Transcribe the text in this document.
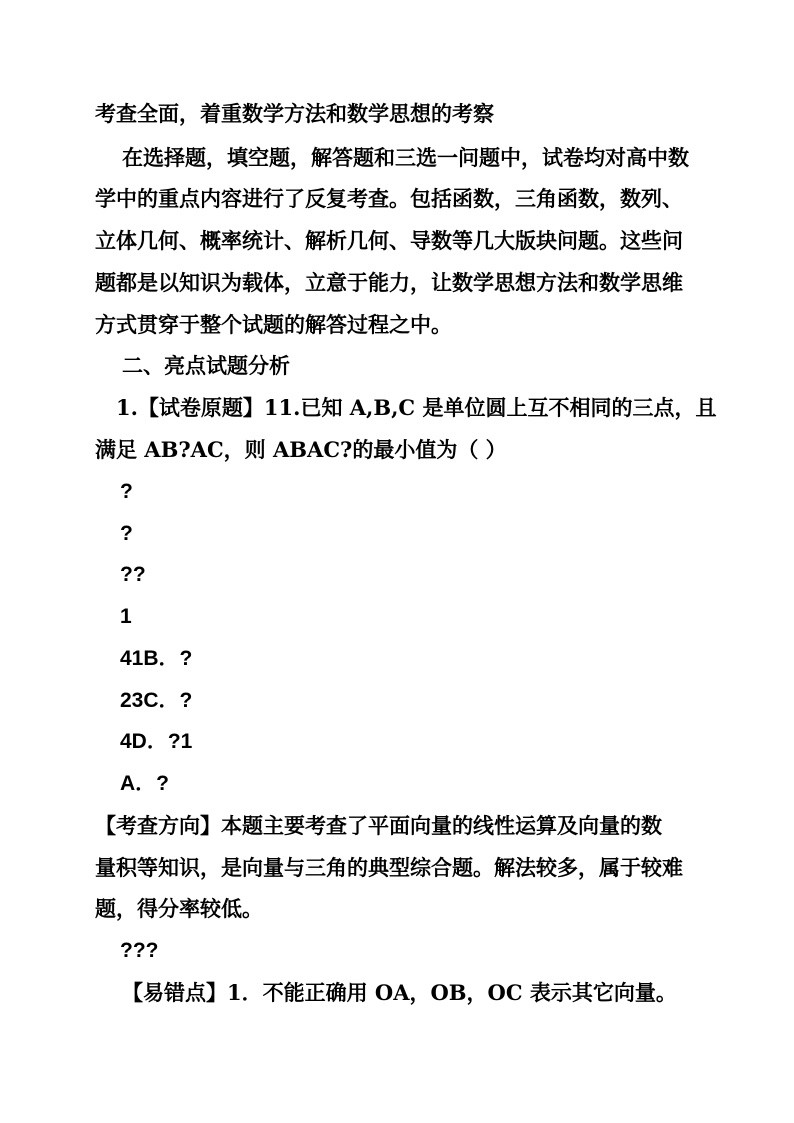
考查全面，着重数学方法和数学思想的考察
在选择题，填空题，解答题和三选一问题中，试卷均对高中数
学中的重点内容进行了反复考查。包括函数，三角函数，数列、
立体几何、概率统计、解析几何、导数等几大版块问题。这些问
题都是以知识为载体，立意于能力，让数学思想方法和数学思维
方式贯穿于整个试题的解答过程之中。
二、亮点试题分析
1.【试卷原题】11.已知 A,B,C 是单位圆上互不相同的三点，且
满足 AB?AC，则 ABAC?的最小值为（ ）
?
?
??
1
41B．?
23C．?
4D．?1
A．?
【考查方向】本题主要考查了平面向量的线性运算及向量的数
量积等知识，是向量与三角的典型综合题。解法较多，属于较难
题，得分率较低。
???
【易错点】1．不能正确用 OA，OB，OC 表示其它向量。
